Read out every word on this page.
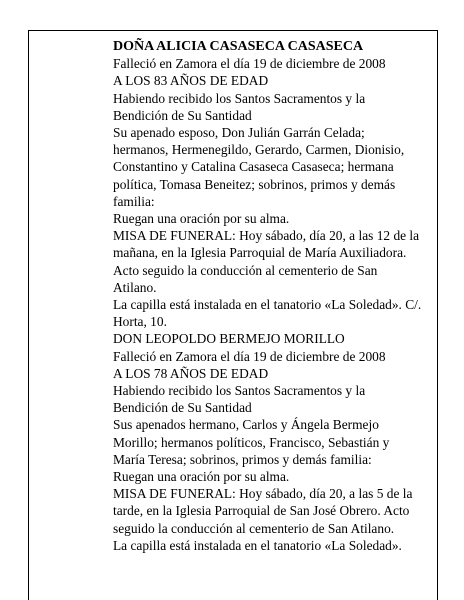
DOÑA ALICIA CASASECA CASASECA

Falleció en Zamora el día 19 de diciembre de 2008

A LOS 83 AÑOS DE EDAD

Habiendo recibido los Santos Sacramentos y la Bendición de Su Santidad

Su apenado esposo, Don Julián Garrán Celada; hermanos, Hermenegildo, Gerardo, Carmen, Dionisio, Constantino y Catalina Casaseca Casaseca; hermana política, Tomasa Beneitez; sobrinos, primos y demás familia:

Ruegan una oración por su alma.

MISA DE FUNERAL: Hoy sábado, día 20, a las 12 de la mañana, en la Iglesia Parroquial de María Auxiliadora. Acto seguido la conducción al cementerio de San Atilano.

La capilla está instalada en el tanatorio «La Soledad». C/. Horta, 10.

DON LEOPOLDO BERMEJO MORILLO

Falleció en Zamora el día 19 de diciembre de 2008

A LOS 78 AÑOS DE EDAD

Habiendo recibido los Santos Sacramentos y la Bendición de Su Santidad

Sus apenados hermano, Carlos y Ángela Bermejo Morillo; hermanos políticos, Francisco, Sebastián y María Teresa; sobrinos, primos y demás familia:

Ruegan una oración por su alma.

MISA DE FUNERAL: Hoy sábado, día 20, a las 5 de la tarde, en la Iglesia Parroquial de San José Obrero. Acto seguido la conducción al cementerio de San Atilano.

La capilla está instalada en el tanatorio «La Soledad».
